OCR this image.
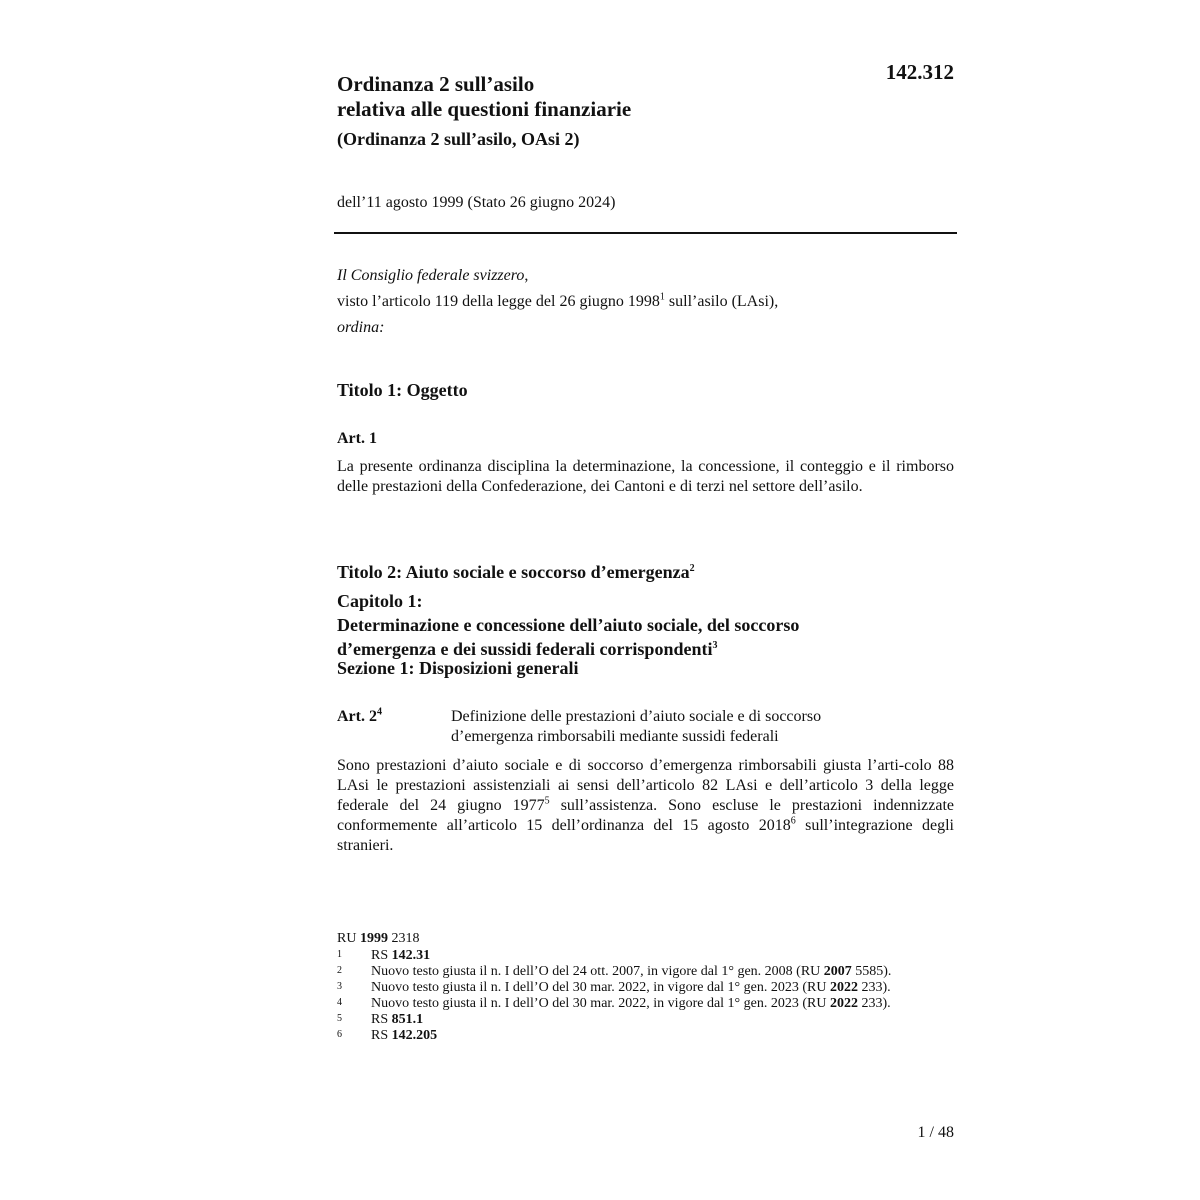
142.312
Ordinanza 2 sull’asilo
relativa alle questioni finanziarie
(Ordinanza 2 sull’asilo, OAsi 2)
dell’11 agosto 1999 (Stato 26 giugno 2024)
Il Consiglio federale svizzero,
visto l’articolo 119 della legge del 26 giugno 1998$^1$ sull’asilo (LAsi),
ordina:
Titolo 1: Oggetto
Art. 1
La presente ordinanza disciplina la determinazione, la concessione, il conteggio e il rimborso delle prestazioni della Confederazione, dei Cantoni e di terzi nel settore dell’asilo.
Titolo 2: Aiuto sociale e soccorso d’emergenza$^2$
Capitolo 1:
Determinazione e concessione dell’aiuto sociale, del soccorso
d’emergenza e dei sussidi federali corrispondenti$^3$
Sezione 1: Disposizioni generali
Art. $2^4$	Definizione delle prestazioni d’aiuto sociale e di soccorso
d’emergenza rimborsabili mediante sussidi federali
Sono prestazioni d’aiuto sociale e di soccorso d’emergenza rimborsabili giusta l’arti-colo 88 LAsi le prestazioni assistenziali ai sensi dell’articolo 82 LAsi e dell’articolo 3 della legge federale del 24 giugno 1977$^5$ sull’assistenza. Sono escluse le prestazioni indennizzate conformemente all’articolo 15 dell’ordinanza del 15 agosto 2018$^6$ sull’integrazione degli stranieri.
RU 1999 2318
1	RS 142.31
2	Nuovo testo giusta il n. I dell’O del 24 ott. 2007, in vigore dal 1° gen. 2008 (RU 2007 5585).
3	Nuovo testo giusta il n. I dell’O del 30 mar. 2022, in vigore dal 1° gen. 2023 (RU 2022 233).
4	Nuovo testo giusta il n. I dell’O del 30 mar. 2022, in vigore dal 1° gen. 2023 (RU 2022 233).
5	RS 851.1
6	RS 142.205
1 / 48
